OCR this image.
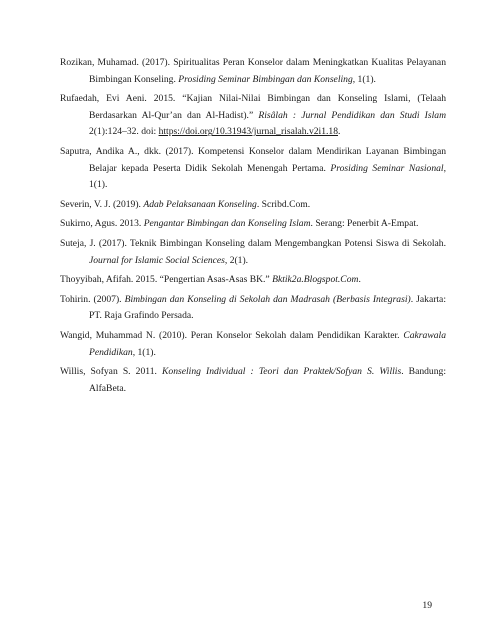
Rozikan, Muhamad. (2017). Spiritualitas Peran Konselor dalam Meningkatkan Kualitas Pelayanan Bimbingan Konseling. Prosiding Seminar Bimbingan dan Konseling, 1(1).

Rufaedah, Evi Aeni. 2015. “Kajian Nilai-Nilai Bimbingan dan Konseling Islami, (Telaah Berdasarkan Al-Qur’an dan Al-Hadist).” Risâlah : Jurnal Pendidikan dan Studi Islam 2(1):124–32. doi: https://doi.org/10.31943/jurnal_risalah.v2i1.18.

Saputra, Andika A., dkk. (2017). Kompetensi Konselor dalam Mendirikan Layanan Bimbingan Belajar kepada Peserta Didik Sekolah Menengah Pertama. Prosiding Seminar Nasional, 1(1).

Severin, V. J. (2019). Adab Pelaksanaan Konseling. Scribd.Com.

Sukirno, Agus. 2013. Pengantar Bimbingan dan Konseling Islam. Serang: Penerbit A-Empat.

Suteja, J. (2017). Teknik Bimbingan Konseling dalam Mengembangkan Potensi Siswa di Sekolah. Journal for Islamic Social Sciences, 2(1).

Thoyyibah, Afifah. 2015. “Pengertian Asas-Asas BK.” Bktik2a.Blogspot.Com.

Tohirin. (2007). Bimbingan dan Konseling di Sekolah dan Madrasah (Berbasis Integrasi). Jakarta: PT. Raja Grafindo Persada.

Wangid, Muhammad N. (2010). Peran Konselor Sekolah dalam Pendidikan Karakter. Cakrawala Pendidikan, 1(1).

Willis, Sofyan S. 2011. Konseling Individual : Teori dan Praktek/Sofyan S. Willis. Bandung: AlfaBeta.

19
